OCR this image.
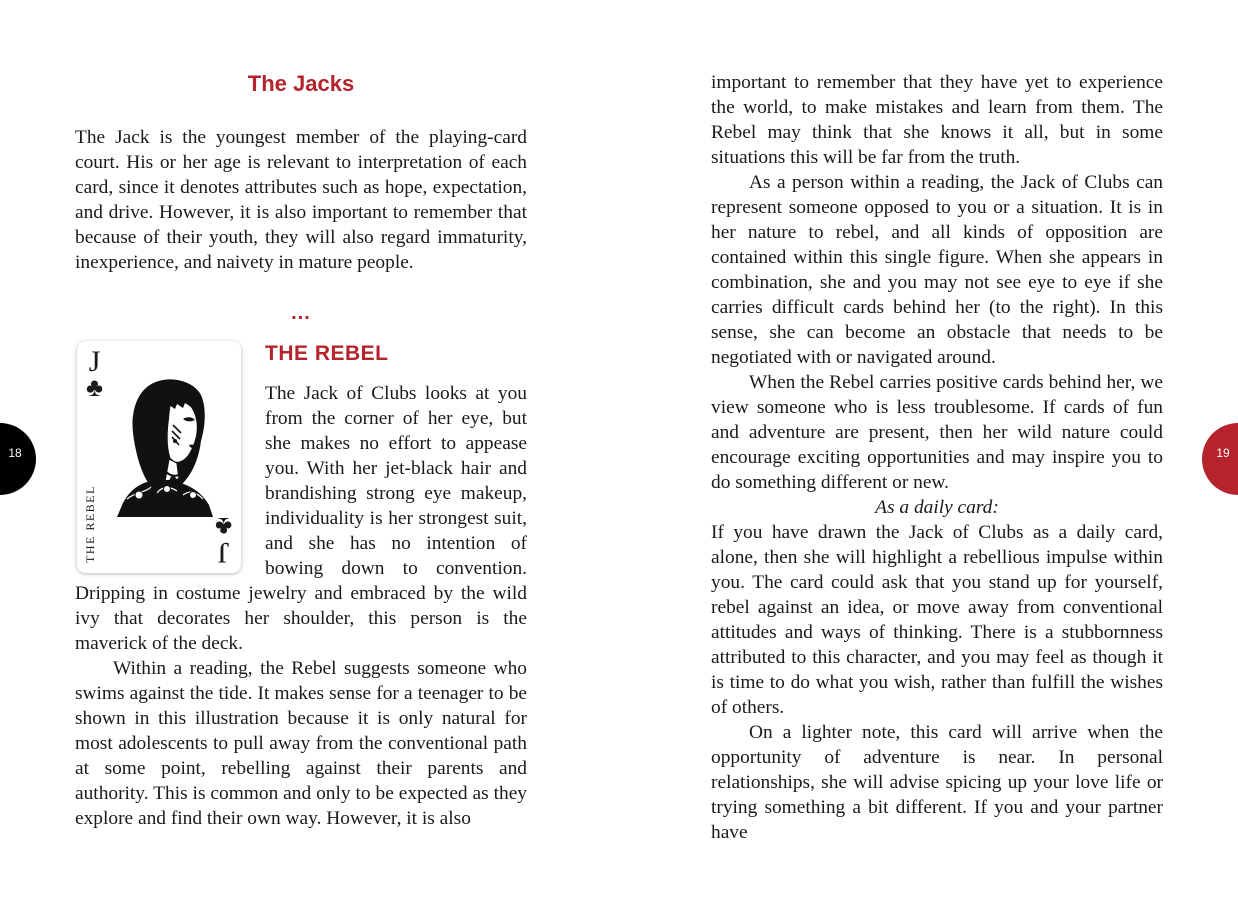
The Jacks

The Jack is the youngest member of the playing-card court. His or her age is relevant to interpretation of each card, since it denotes attributes such as hope, expectation, and drive. However, it is also important to remember that because of their youth, they will also regard immaturity, inexperience, and naivety in mature people.

...
J
♣
THE REBEL	J
♣
THE REBEL

The Jack of Clubs looks at you from the corner of her eye, but she makes no effort to appease you. With her jet-black hair and brandishing strong eye makeup, individuality is her strongest suit, and she has no intention of bowing down to convention. Dripping in costume jewelry and embraced by the wild ivy that decorates her shoulder, this person is the maverick of the deck.

Within a reading, the Rebel suggests someone who swims against the tide. It makes sense for a teenager to be shown in this illustration because it is only natural for most adolescents to pull away from the conventional path at some point, rebelling against their parents and authority. This is common and only to be expected as they explore and find their own way. However, it is also

18

important to remember that they have yet to experience the world, to make mistakes and learn from them. The Rebel may think that she knows it all, but in some situations this will be far from the truth.

As a person within a reading, the Jack of Clubs can represent someone opposed to you or a situation. It is in her nature to rebel, and all kinds of opposition are contained within this single figure. When she appears in combination, she and you may not see eye to eye if she carries difficult cards behind her (to the right). In this sense, she can become an obstacle that needs to be negotiated with or navigated around.

When the Rebel carries positive cards behind her, we view someone who is less troublesome. If cards of fun and adventure are present, then her wild nature could encourage exciting opportunities and may inspire you to do something different or new.

As a daily card:

If you have drawn the Jack of Clubs as a daily card, alone, then she will highlight a rebellious impulse within you. The card could ask that you stand up for yourself, rebel against an idea, or move away from conventional attitudes and ways of thinking. There is a stubbornness attributed to this character, and you may feel as though it is time to do what you wish, rather than fulfill the wishes of others.

On a lighter note, this card will arrive when the opportunity of adventure is near. In personal relationships, she will advise spicing up your love life or trying something a bit different. If you and your partner have

19
